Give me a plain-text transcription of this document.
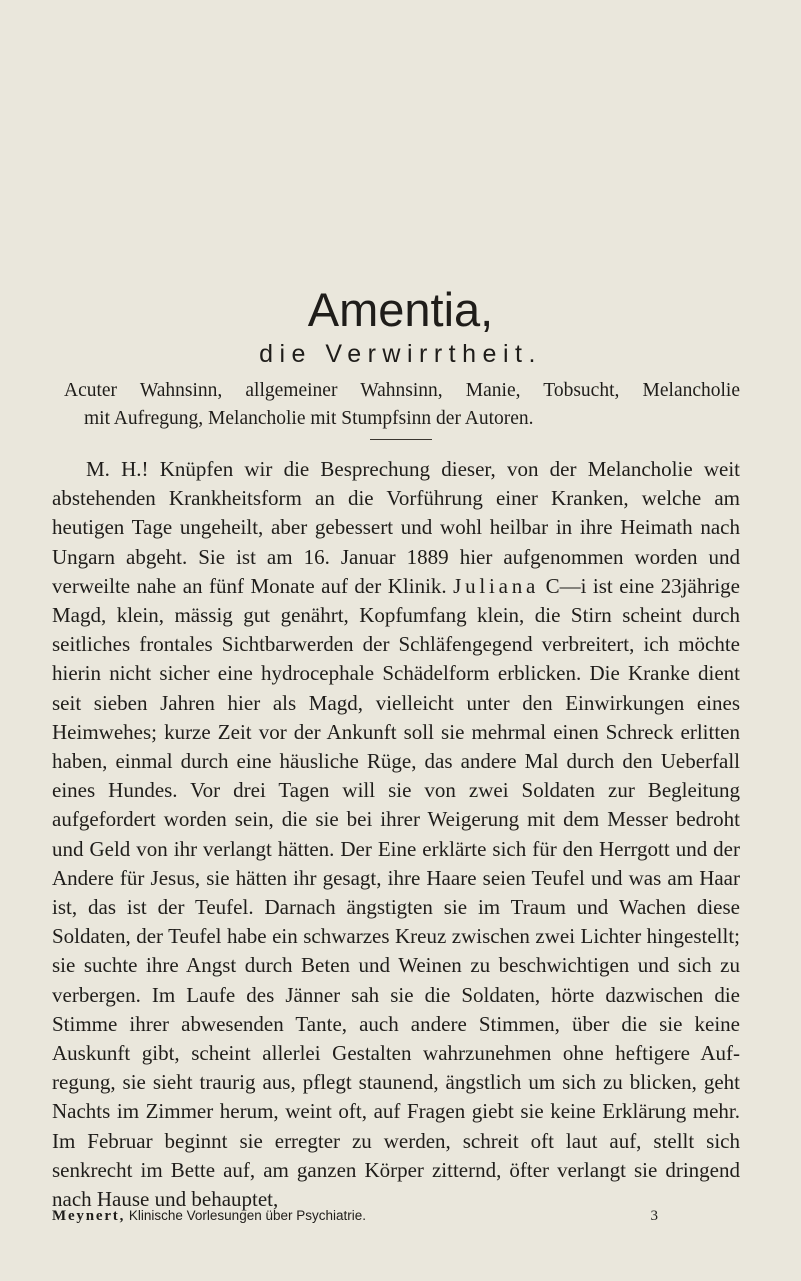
Amentia,
die Verwirrtheit.
Acuter Wahnsinn, allgemeiner Wahnsinn, Manie, Tobsucht, Melancholie
mit Aufregung, Melancholie mit Stumpfsinn der Autoren.

M. H.! Knüpfen wir die Besprechung dieser, von der Melancholie weit abstehenden Krankheitsform an die Vorführung einer Kranken, welche am heutigen Tage ungeheilt, aber gebessert und wohl heilbar in ihre Heimath nach Ungarn abgeht. Sie ist am 16. Januar 1889 hier aufgenommen worden und verweilte nahe an fünf Monate auf der Klinik. Juliana C—i ist eine 23jährige Magd, klein, mässig gut genährt, Kopfumfang klein, die Stirn scheint durch seitliches frontales Sichtbarwerden der Schläfengegend verbreitert, ich möchte hierin nicht sicher eine hydrocephale Schädelform erblicken. Die Kranke dient seit sieben Jahren hier als Magd, vielleicht unter den Einwirkungen eines Heimwehes; kurze Zeit vor der Ankunft soll sie mehrmal einen Schreck erlitten haben, einmal durch eine häusliche Rüge, das andere Mal durch den Ueberfall eines Hundes. Vor drei Tagen will sie von zwei Soldaten zur Begleitung aufgefordert worden sein, die sie bei ihrer Weigerung mit dem Messer bedroht und Geld von ihr verlangt hätten. Der Eine erklärte sich für den Herrgott und der Andere für Jesus, sie hätten ihr gesagt, ihre Haare seien Teufel und was am Haar ist, das ist der Teufel. Darnach ängstigten sie im Traum und Wachen diese Soldaten, der Teufel habe ein schwarzes Kreuz zwischen zwei Lichter hingestellt; sie suchte ihre Angst durch Beten und Weinen zu beschwichtigen und sich zu verbergen. Im Laufe des Jänner sah sie die Soldaten, hörte dazwischen die Stimme ihrer abwesenden Tante, auch andere Stimmen, über die sie keine Auskunft gibt, scheint allerlei Gestalten wahrzunehmen ohne heftigere Aufregung, sie sieht traurig aus, pflegt staunend, ängstlich um sich zu blicken, geht Nachts im Zimmer herum, weint oft, auf Fragen giebt sie keine Erklärung mehr. Im Februar beginnt sie erregter zu werden, schreit oft laut auf, stellt sich senkrecht im Bette auf, am ganzen Körper zitternd, öfter verlangt sie dringend nach Hause und behauptet,

Meynert, Klinische Vorlesungen über Psychiatrie.	3
